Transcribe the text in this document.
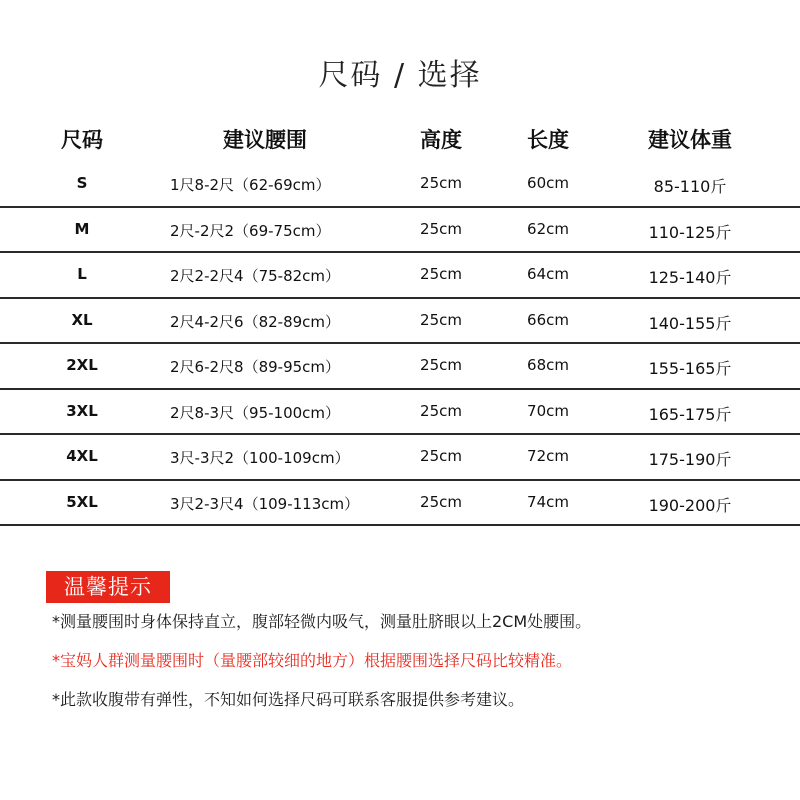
尺码 / 选择
尺码	建议腰围	高度	长度	建议体重
S	1尺8-2尺（62-69cm）	25cm	60cm	85-110斤
M	2尺-2尺2（69-75cm）	25cm	62cm	110-125斤
L	2尺2-2尺4（75-82cm）	25cm	64cm	125-140斤
XL	2尺4-2尺6（82-89cm）	25cm	66cm	140-155斤
2XL	2尺6-2尺8（89-95cm）	25cm	68cm	155-165斤
3XL	2尺8-3尺（95-100cm）	25cm	70cm	165-175斤
4XL	3尺-3尺2（100-109cm）	25cm	72cm	175-190斤
5XL	3尺2-3尺4（109-113cm）	25cm	74cm	190-200斤
温馨提示
*测量腰围时身体保持直立，腹部轻微内吸气，测量肚脐眼以上2CM处腰围。
*宝妈人群测量腰围时（量腰部较细的地方）根据腰围选择尺码比较精准。
*此款收腹带有弹性，不知如何选择尺码可联系客服提供参考建议。
